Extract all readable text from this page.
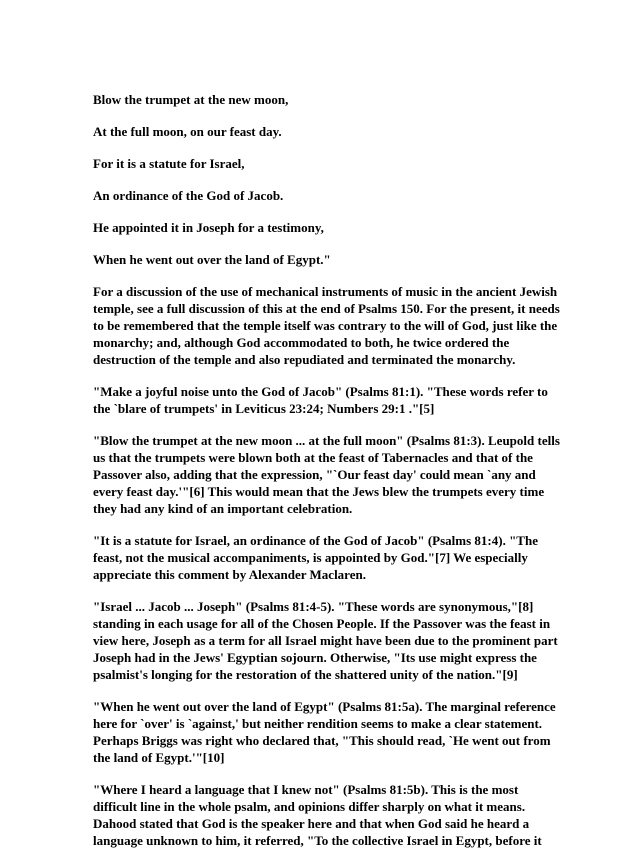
Blow the trumpet at the new moon,

At the full moon, on our feast day.

For it is a statute for Israel,

An ordinance of the God of Jacob.

He appointed it in Joseph for a testimony,

When he went out over the land of Egypt."

For a discussion of the use of mechanical instruments of music in the ancient Jewish
temple, see a full discussion of this at the end of Psalms 150. For the present, it needs
to be remembered that the temple itself was contrary to the will of God, just like the
monarchy; and, although God accommodated to both, he twice ordered the
destruction of the temple and also repudiated and terminated the monarchy.

"Make a joyful noise unto the God of Jacob" (Psalms 81:1). "These words refer to
the `blare of trumpets' in Leviticus 23:24; Numbers 29:1 ."[5]

"Blow the trumpet at the new moon ... at the full moon" (Psalms 81:3). Leupold tells
us that the trumpets were blown both at the feast of Tabernacles and that of the
Passover also, adding that the expression, "`Our feast day' could mean `any and
every feast day.'"[6] This would mean that the Jews blew the trumpets every time
they had any kind of an important celebration.

"It is a statute for Israel, an ordinance of the God of Jacob" (Psalms 81:4). "The
feast, not the musical accompaniments, is appointed by God."[7] We especially
appreciate this comment by Alexander Maclaren.

"Israel ... Jacob ... Joseph" (Psalms 81:4-5). "These words are synonymous,"[8]
standing in each usage for all of the Chosen People. If the Passover was the feast in
view here, Joseph as a term for all Israel might have been due to the prominent part
Joseph had in the Jews' Egyptian sojourn. Otherwise, "Its use might express the
psalmist's longing for the restoration of the shattered unity of the nation."[9]

"When he went out over the land of Egypt" (Psalms 81:5a). The marginal reference
here for `over' is `against,' but neither rendition seems to make a clear statement.
Perhaps Briggs was right who declared that, "This should read, `He went out from
the land of Egypt.'"[10]

"Where I heard a language that I knew not" (Psalms 81:5b). This is the most
difficult line in the whole psalm, and opinions differ sharply on what it means.
Dahood stated that God is the speaker here and that when God said he heard a
language unknown to him, it referred, "To the collective Israel in Egypt, before it
